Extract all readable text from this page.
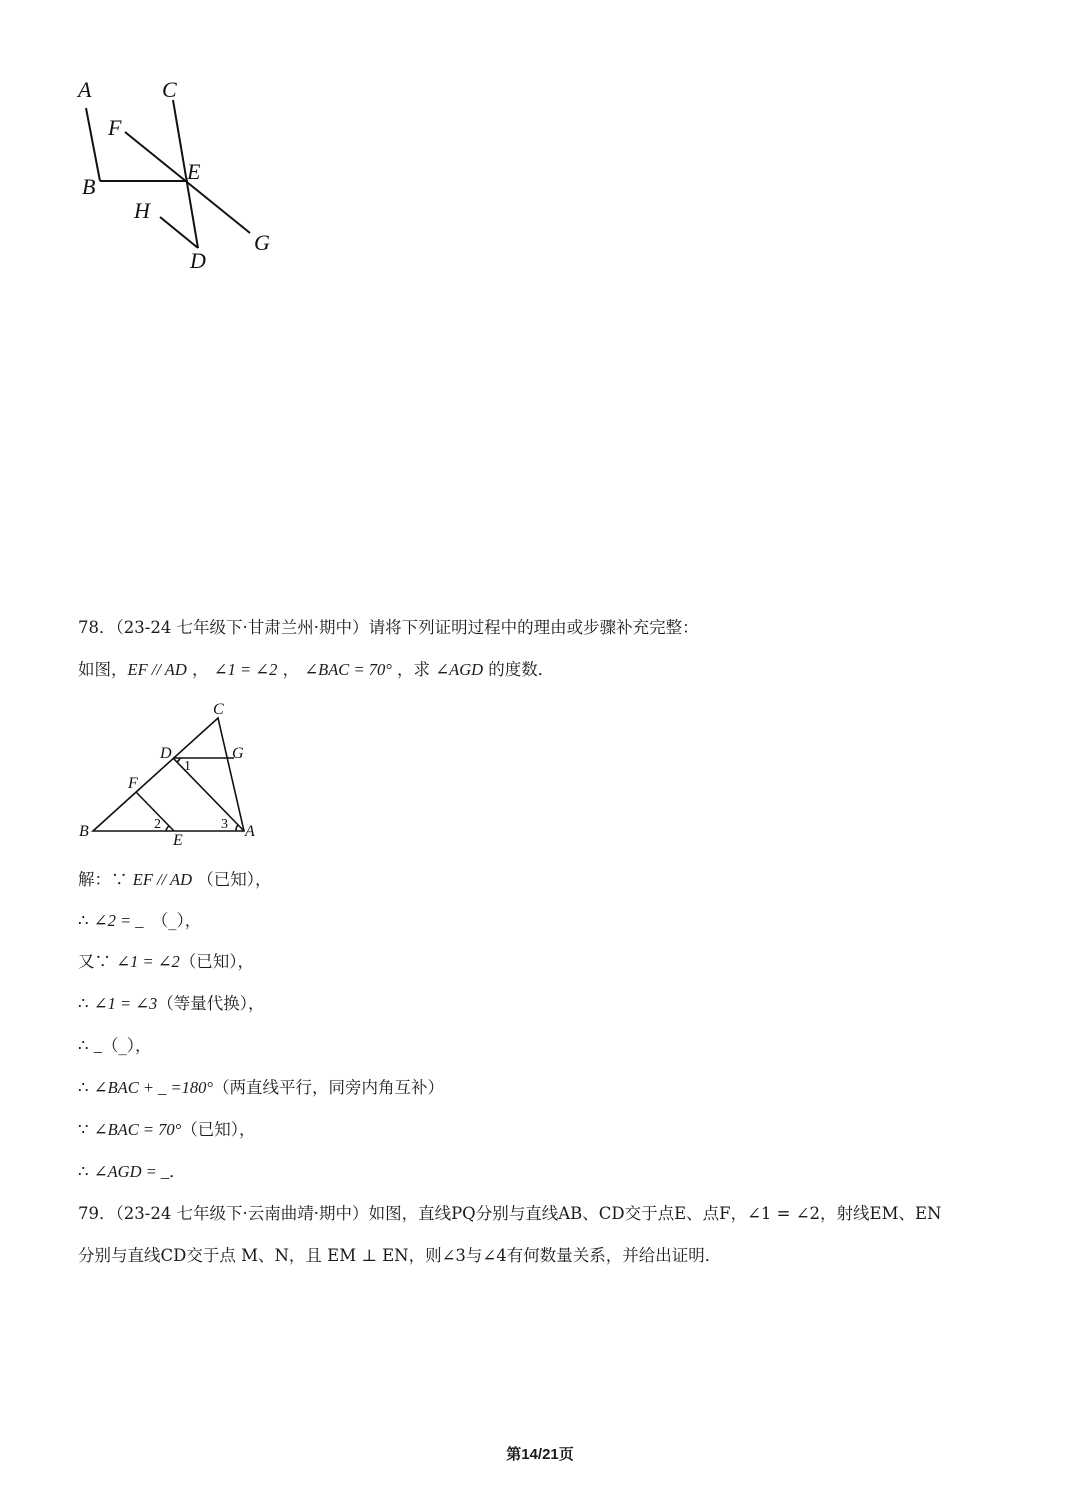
A	C
F
E
B
H
D
G
78．（23-24 七年级下·甘肃兰州·期中）请将下列证明过程中的理由或步骤补充完整：
如图，EF // AD ， ∠1 = ∠2 ， ∠BAC = 70° ，求 ∠AGD 的度数．
C
D	G
1
F
B	2	3
E
A
解：∵ EF // AD （已知），
∴ ∠2 = _　（_），
又∵ ∠1 = ∠2（已知），
∴ ∠1 = ∠3（等量代换），
∴ _（_），
∴ ∠BAC + _ =180°（两直线平行，同旁内角互补）
∵ ∠BAC = 70°（已知），
∴ ∠AGD = _．
79．（23-24 七年级下·云南曲靖·期中）如图，直线PQ分别与直线AB、CD交于点E、点F，∠1 = ∠2，射线EM、EN
分别与直线CD交于点 M、N，且 EM ⊥ EN，则∠3与∠4有何数量关系，并给出证明．
第14/21页
